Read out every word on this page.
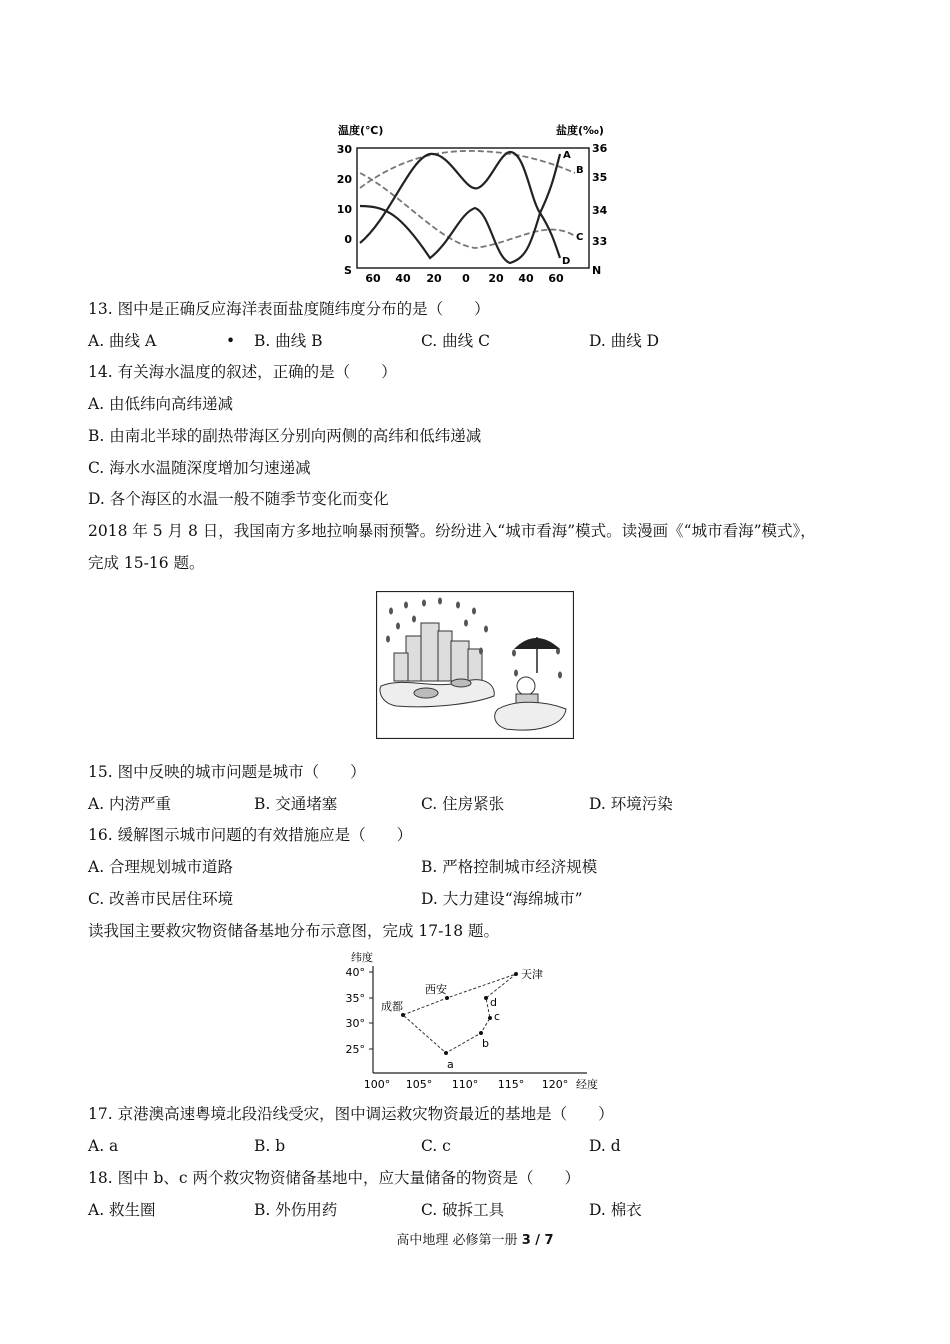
温度(℃)	盐度(‰)
30
20
10
0
S
36
35
34
33
N
60 40 20 0 20 40 60
A
B
C
D
13. 图中是正确反应海洋表面盐度随纬度分布的是（　　）
A. 曲线 A	• B. 曲线 B	C. 曲线 C	D. 曲线 D
14. 有关海水温度的叙述，正确的是（　　）
A. 由低纬向高纬递减
B. 由南北半球的副热带海区分别向两侧的高纬和低纬递减
C. 海水水温随深度增加匀速递减
D. 各个海区的水温一般不随季节变化而变化
2018 年 5 月 8 日，我国南方多地拉响暴雨预警。纷纷进入“城市看海”模式。读漫画《“城市看海”模式》，
完成 15-16 题。
15. 图中反映的城市问题是城市（　　）
A. 内涝严重	B. 交通堵塞	C. 住房紧张	D. 环境污染
16. 缓解图示城市问题的有效措施应是（　　）
A. 合理规划城市道路	B. 严格控制城市经济规模
C. 改善市民居住环境	D. 大力建设“海绵城市”
读我国主要救灾物资储备基地分布示意图，完成 17-18 题。
纬度
40°
35°
30°
25°
100° 105° 110° 115° 120° 经度
天津
西安
成都
a
b
c
d
17. 京港澳高速粤境北段沿线受灾，图中调运救灾物资最近的基地是（　　）
A. a	B. b	C. c	D. d
18. 图中 b、c 两个救灾物资储备基地中，应大量储备的物资是（　　）
A. 救生圈	B. 外伤用药	C. 破拆工具	D. 棉衣
高中地理 必修第一册 3 / 7
